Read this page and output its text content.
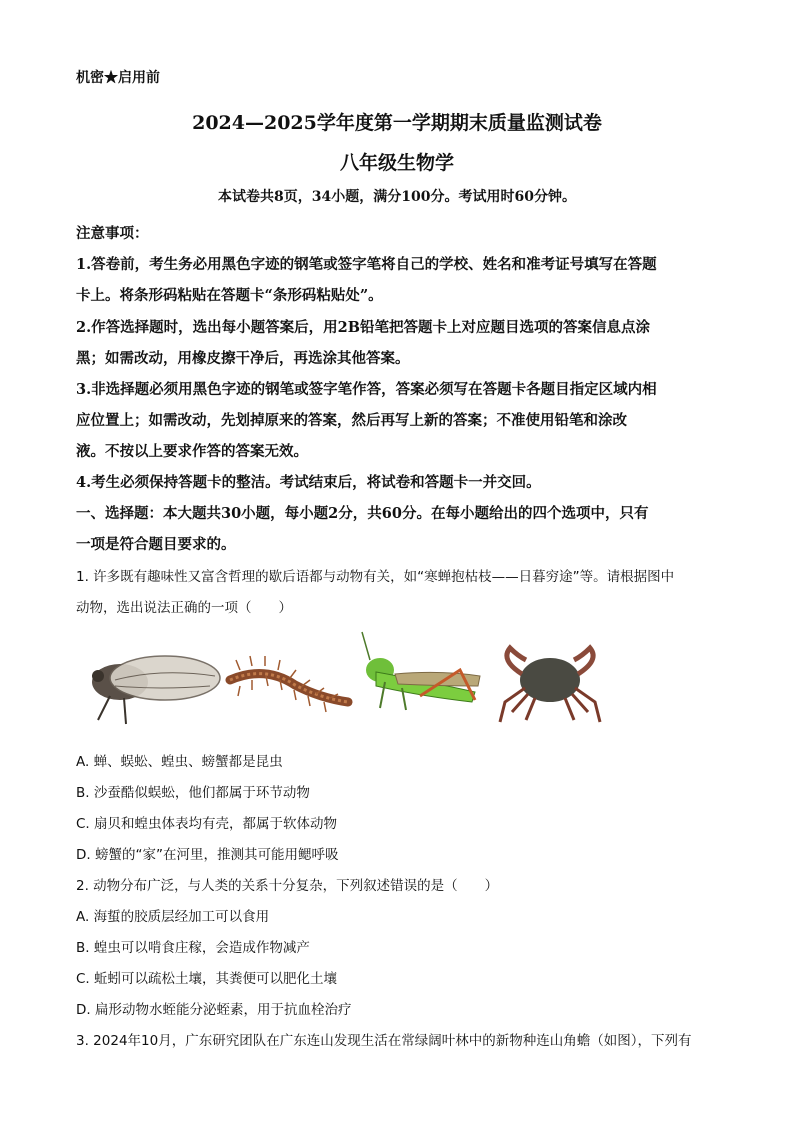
机密★启用前
2024—2025学年度第一学期期末质量监测试卷
八年级生物学
本试卷共8页，34小题，满分100分。考试用时60分钟。
注意事项：
1.答卷前，考生务必用黑色字迹的钢笔或签字笔将自己的学校、姓名和准考证号填写在答题
卡上。将条形码粘贴在答题卡“条形码粘贴处”。
2.作答选择题时，选出每小题答案后，用2B铅笔把答题卡上对应题目选项的答案信息点涂
黑；如需改动，用橡皮擦干净后，再选涂其他答案。
3.非选择题必须用黑色字迹的钢笔或签字笔作答，答案必须写在答题卡各题目指定区域内相
应位置上；如需改动，先划掉原来的答案，然后再写上新的答案；不准使用铅笔和涂改
液。不按以上要求作答的答案无效。
4.考生必须保持答题卡的整洁。考试结束后，将试卷和答题卡一并交回。
一、选择题：本大题共30小题，每小题2分，共60分。在每小题给出的四个选项中，只有
一项是符合题目要求的。
1. 许多既有趣味性又富含哲理的歇后语都与动物有关，如“寒蝉抱枯枝——日暮穷途”等。请根据图中
动物，选出说法正确的一项（　　）
A. 蝉、蜈蚣、蝗虫、螃蟹都是昆虫
B. 沙蚕酷似蜈蚣，他们都属于环节动物
C. 扇贝和蝗虫体表均有壳，都属于软体动物
D. 螃蟹的“家”在河里，推测其可能用鳃呼吸
2. 动物分布广泛，与人类的关系十分复杂，下列叙述错误的是（　　）
A. 海蜇的胶质层经加工可以食用
B. 蝗虫可以啃食庄稼，会造成作物减产
C. 蚯蚓可以疏松土壤，其粪便可以肥化土壤
D. 扁形动物水蛭能分泌蛭素，用于抗血栓治疗
3. 2024年10月，广东研究团队在广东连山发现生活在常绿阔叶林中的新物种连山角蟾（如图），下列有
